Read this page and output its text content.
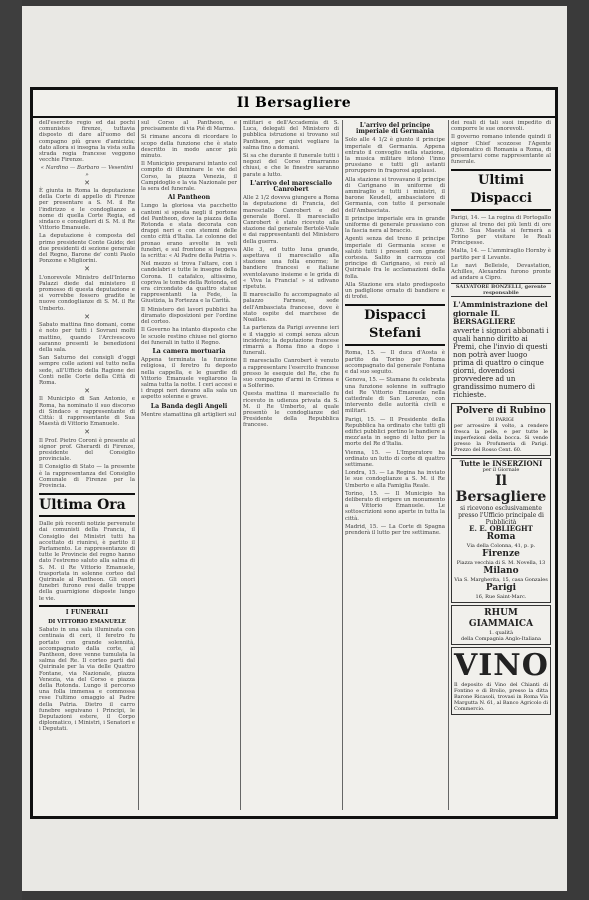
Il Bersagliere
dell'esercito regio ed dai pochi comunistes firenze, tuttavia disposto di dare all'uomo del compagno più grave d'amicizia; dato allora si insegna la vista sulla strada regia francese veggono vecchie Firenze.
« Nardino — Barbaro — Vesentini »
✕
È giunta in Roma la deputazione della Corte di appello di Firenze per presentare a S. M. il Re l'indirizzo e le condoglianze a nome di quella Corte Regia, ed sindaco e consiglieri di S. M. il Re Vittorio Emanuele.
La deputazione è composta del primo presidente Conte Guido; dei due presidenti di sezione generale del Regno, Barone de' conti Paolo Ponzone e Migliorini.
✕
L'onorevole Ministro dell'Interno Palazzi diede dal ministero il promosso di questa deputazione e si vorrebbe fossero gradite le nuove condoglianze di S. M. il Re Umberto.
✕
Sabato mattina fino domani, come è noto per tutti i Sovrani molti mattino, quando l'Arcivescovo saranno presenti le benedizioni della sala.
San Saturno dei consigli d'oggi sempre colle azioni sul tutto nella sede, all'Ufficio della Ragione dei Conti nelle Corte della Città di Roma.
✕
Il Municipio di San Antonio, e Roma, ha nominato il suo discorso di Sindaco e rappresentante di Città: il rappresentante di Sua Maestà di Vittorio Emanuele.
✕
Il Prof. Pietro Coroni è presente al signor prof. Gherardi di Firenze, presidente del Consiglio provinciale.
Il Consiglio di Stato — la presente è la rappresentanza del Consiglio Comunale di Firenze per la Provincia.
Ultima Ora
Dalle più recenti notizie pervenute dai comunisti della Francia, il Consiglio dei Ministri tutti ha accettato di riunirsi, è partito il Parlamento. Le rappresentanze di tutte le Provincie del regno hanno dato l'estremo saluto alla salma di S. M. il Re Vittorio Emanuele, trasportata in solenne corteo dal Quirinale al Pantheon. Gli onori funebri furono resi dalle truppe della guarnigione disposte lungo le vie.
I FUNERALI
DI VITTORIO EMANUELE
Sabato in una sala illuminata con centinaia di ceri, il feretro fu portato con grande solennità, accompagnato dalla corte, al Pantheon, dove venne tumulata la salma del Re. Il corteo partì dal Quirinale per la via delle Quattro Fontane, via Nazionale, piazza Venezia, via del Corso e piazza della Rotonda. Lungo il percorso una folla immensa e commossa rese l'ultimo omaggio al Padre della Patria. Dietro il carro funebre seguivano i Principi, le Deputazioni estere, il Corpo diplomatico, i Ministri, i Senatori e i Deputati.
sul Corso al Pantheon, e precisamente di via Pié di Marmo.
Si rimane ancora di ricordare lo scopo della funzione che è stato descritto in modo ancor più minuto.
Il Municipio prepararsi intanto col compito di illuminare le vie del Corso, la piazza Venezia, il Campidoglio e la via Nazionale per la sera del funerale.
Al Pantheon
Lungo la gloriosa via pacchetto cantoni si sposta negli il portone del Pantheon, dove la piazza della Rotonda e stata decorata con drappi neri e con stemmi delle cento città d'Italia. Le colonne del pronao erano avvolte in veli funebri, e sul frontone si leggeva la scritta: « Al Padre della Patria ».
Nel mezzo si trova l'altare, con i candelabri e tutte le insegne della Corona. Il catafalco, altissimo, copriva le tombe della Rotonda, ed era circondato da quattro statue rappresentanti la Fede, la Giustizia, la Fortezza e la Carità.
Il Ministero dei lavori pubblici ha diramato disposizioni per l'ordine del corteo.
Il Governo ha intanto disposto che le scuole restino chiuse nel giorno dei funerali in tutto il Regno.
La camera mortuaria
Appena terminata la funzione religiosa, il feretro fu deposto nella cappella, e le guardie di Vittorio Emanuele vegliarono la salma tutta la notte. I ceri accesi e i drappi neri davano alla sala un aspetto solenne e grave.
La Banda degli Angeli
Mentre stamattina gli artiglieri sul
militari e dell'Accademia di S. Luca, delegati del Ministero di pubblica istruzione si trovano sul Pantheon, per quivi vegliare la salma fino a domani.
Si sa che durante il funerale tutti i negozi del Corso rimarranno chiusi, e che le finestre saranno parate a lutto.
L'arrivo del maresciallo Canrobert
Alle 2 1/2 doveva giungere a Roma la deputazione di Francia, del maresciallo Canrobert e del generale Borel. Il maresciallo Canrobert è stato ricevuto alla stazione dal generale Bertolè-Viale e dai rappresentanti del Ministero della guerra.
Alle 3, ed tutto luna grande, aspettava il maresciallo alla stazione una folla enorme; le bandiere francesi e italiane sventolavano insieme e le grida di « Viva la Francia! » si udivano ripetute.
Il maresciallo fu accompagnato al palazzo Farnese, sede dell'Ambasciata francese, dove è stato ospite del marchese de Noailles.
La partenza da Parigi avvenne ieri e il viaggio si compì senza alcun incidente; la deputazione francese rimarrà a Roma fino a dopo i funerali.
Il maresciallo Canrobert è venuto a rappresentare l'esercito francese presso le esequie del Re, che fu suo compagno d'armi in Crimea e a Solferino.
Questa mattina il maresciallo fu ricevuto in udienza privata da S. M. il Re Umberto, al quale presentò le condoglianze del Presidente della Repubblica francese.
L'arrivo del principe imperiale di Germania
Solo alle 4 1/2 è giunto il principe imperiale di Germania. Appena entrato il convoglio nella stazione, la musica militare intonò l'inno prussiano e tutti gli astanti proruppero in fragorosi applausi.
Alla stazione si trovavano il principe di Carignano in uniforme di ammiraglio e tutti i ministri, il barone Keudell, ambasciatore di Germania, con tutto il personale dell'Ambasciata.
Il principe imperiale era in grande uniforme di generale prussiano con la fascia nera al braccio.
Agenti senza del treno il principe imperiale di Germania scese e salutò tutti i presenti con grande cortesia. Salito in carrozza col principe di Carignano, si recò al Quirinale fra le acclamazioni della folla.
Alla Stazione era stato predisposto un padiglione ornato di bandiere e di trofei.
Dispacci Stefani
Roma, 15. — Il duca d'Aosta è partito da Torino per Roma accompagnato dal generale Fontana e dal suo seguito.
Genova, 15. — Stamane fu celebrata una funzione solenne in suffragio del Re Vittorio Emanuele nella cattedrale di San Lorenzo, con intervento delle autorità civili e militari.
Parigi, 15. — Il Presidente della Repubblica ha ordinato che tutti gli edifici pubblici portino le bandiere a mezz'asta in segno di lutto per la morte del Re d'Italia.
Vienna, 15. — L'Imperatore ha ordinato un lutto di corte di quattro settimane.
Londra, 15. — La Regina ha inviato le sue condoglianze a S. M. il Re Umberto e alla Famiglia Reale.
Torino, 15. — Il Municipio ha deliberato di erigere un monumento a Vittorio Emanuele. Le sottoscrizioni sono aperte in tutta la città.
Madrid, 15. — La Corte di Spagna prenderà il lutto per tre settimane.
dei reali di tali suoi impedito di comporre le sue onorevoli.
Il governo romano intende quindi il signor Chief scozzese l'Agente diplomatico di Romania a Roma, di presentarsi come rappresentante al funerale.
Ultimi Dispacci
Parigi, 14. — La regina di Portogallo giunse al treno dei più lenti di ore 7.50. Sua Maestà si fermerà a Torino per visitare le Reali Principesse.
Malta, 14. — L'ammiraglio Hornby è partito per il Levante.
Le navi Belleisle, Devastation, Achilles, Alexandra furono pronte ad andare a Cipro.
SALVATORE BONZELLI, gerente responsabile
L'Amministrazione del giornale IL BERSAGLIERE
avverte i signori abbonati i quali hanno diritto ai Premi, che l'invio di questi non potrà aver luogo prima di quattro o cinque giorni, dovendosi provvedere ad un grandissimo numero di richieste.
Polvere di Rubino
DI PARIGI
per arrossire il volto, a rendere fresca la pelle, e per tutte le imperfezioni della bocca. Si vende presso la Profumeria di Parigi. Prezzo del Rosso Cent. 60.
Tutte le INSERZIONI
per il Giornale
Il Bersagliere
si ricevono esclusivamente presso l'Ufficio principale di Pubblicità
E. E. OBLIEGHT
Roma
Via della Colonna, 41, p. p.
Firenze
Piazza vecchia di S. M. Novella, 13
Milano
Via S. Margherita, 15, casa Gonzales
Parigi
16, Rue Saint-Marc.
RHUM GIAMMAICA
1. qualità
della Compagnia Anglo-Italiana
VINO
Il deposito di Vino del Chianti di Fontino e di Brolio, presso la ditta Barone Ricasoli, trovasi in Roma Via Margutta N. 61, al Banco Agricolo di Commercio.
